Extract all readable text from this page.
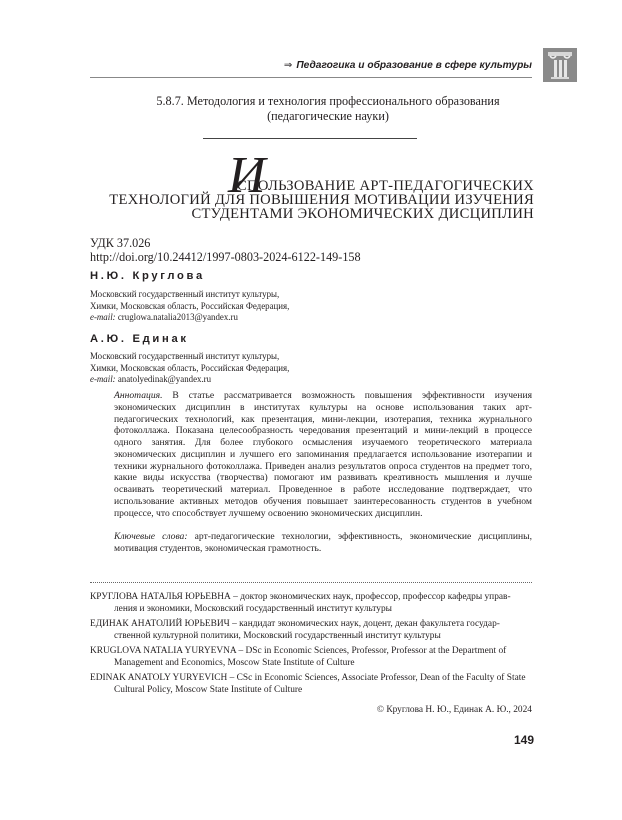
⇒ Педагогика и образование в сфере культуры
5.8.7. Методология и технология профессионального образования
(педагогические науки)
И
СПОЛЬЗОВАНИЕ АРТ-ПЕДАГОГИЧЕСКИХ
ТЕХНОЛОГИЙ ДЛЯ ПОВЫШЕНИЯ МОТИВАЦИИ ИЗУЧЕНИЯ
СТУДЕНТАМИ ЭКОНОМИЧЕСКИХ ДИСЦИПЛИН
УДК 37.026
http://doi.org/10.24412/1997-0803-2024-6122-149-158
Н.Ю. Круглова
Московский государственный институт культуры,
Химки, Московская область, Российская Федерация,
e-mail: cruglowa.natalia2013@yandex.ru
А.Ю. Единак
Московский государственный институт культуры,
Химки, Московская область, Российская Федерация,
e-mail: anatolyedinak@yandex.ru
Аннотация. В статье рассматривается возможность повышения эффективности изучения экономических дисциплин в институтах культуры на основе использования таких арт-педагогических технологий, как презентация, мини-лекции, изотерапия, техника журнального фотоколлажа. Показана целесообразность чередования презентаций и мини-лекций в процессе одного занятия. Для более глубокого осмысления изучаемого теоретического материала экономических дисциплин и лучшего его запоминания предлагается использование изотерапии и техники журнального фотоколлажа. Приведен анализ результатов опроса студентов на предмет того, какие виды искусства (творчества) помогают им развивать креативность мышления и лучше осваивать теоретический материал. Проведенное в работе исследование подтверждает, что использование активных методов обучения повышает заинтересованность студентов в учебном процессе, что способствует лучшему освоению экономических дисциплин.
Ключевые слова: арт-педагогические технологии, эффективность, экономические дисциплины, мотивация студентов, экономическая грамотность.
КРУГЛОВА НАТАЛЬЯ ЮРЬЕВНА – доктор экономических наук, профессор, профессор кафедры управ-
ления и экономики, Московский государственный институт культуры
ЕДИНАК АНАТОЛИЙ ЮРЬЕВИЧ – кандидат экономических наук, доцент, декан факультета государ-
ственной культурной политики, Московский государственный институт культуры
KRUGLOVA NATALIA YURYEVNA – DSc in Economic Sciences, Professor, Professor at the Department of
Management and Economics, Moscow State Institute of Culture
EDINAK ANATOLY YURYEVICH – CSc in Economic Sciences, Associate Professor, Dean of the Faculty of State
Cultural Policy, Moscow State Institute of Culture
© Круглова Н. Ю., Единак А. Ю., 2024
149
